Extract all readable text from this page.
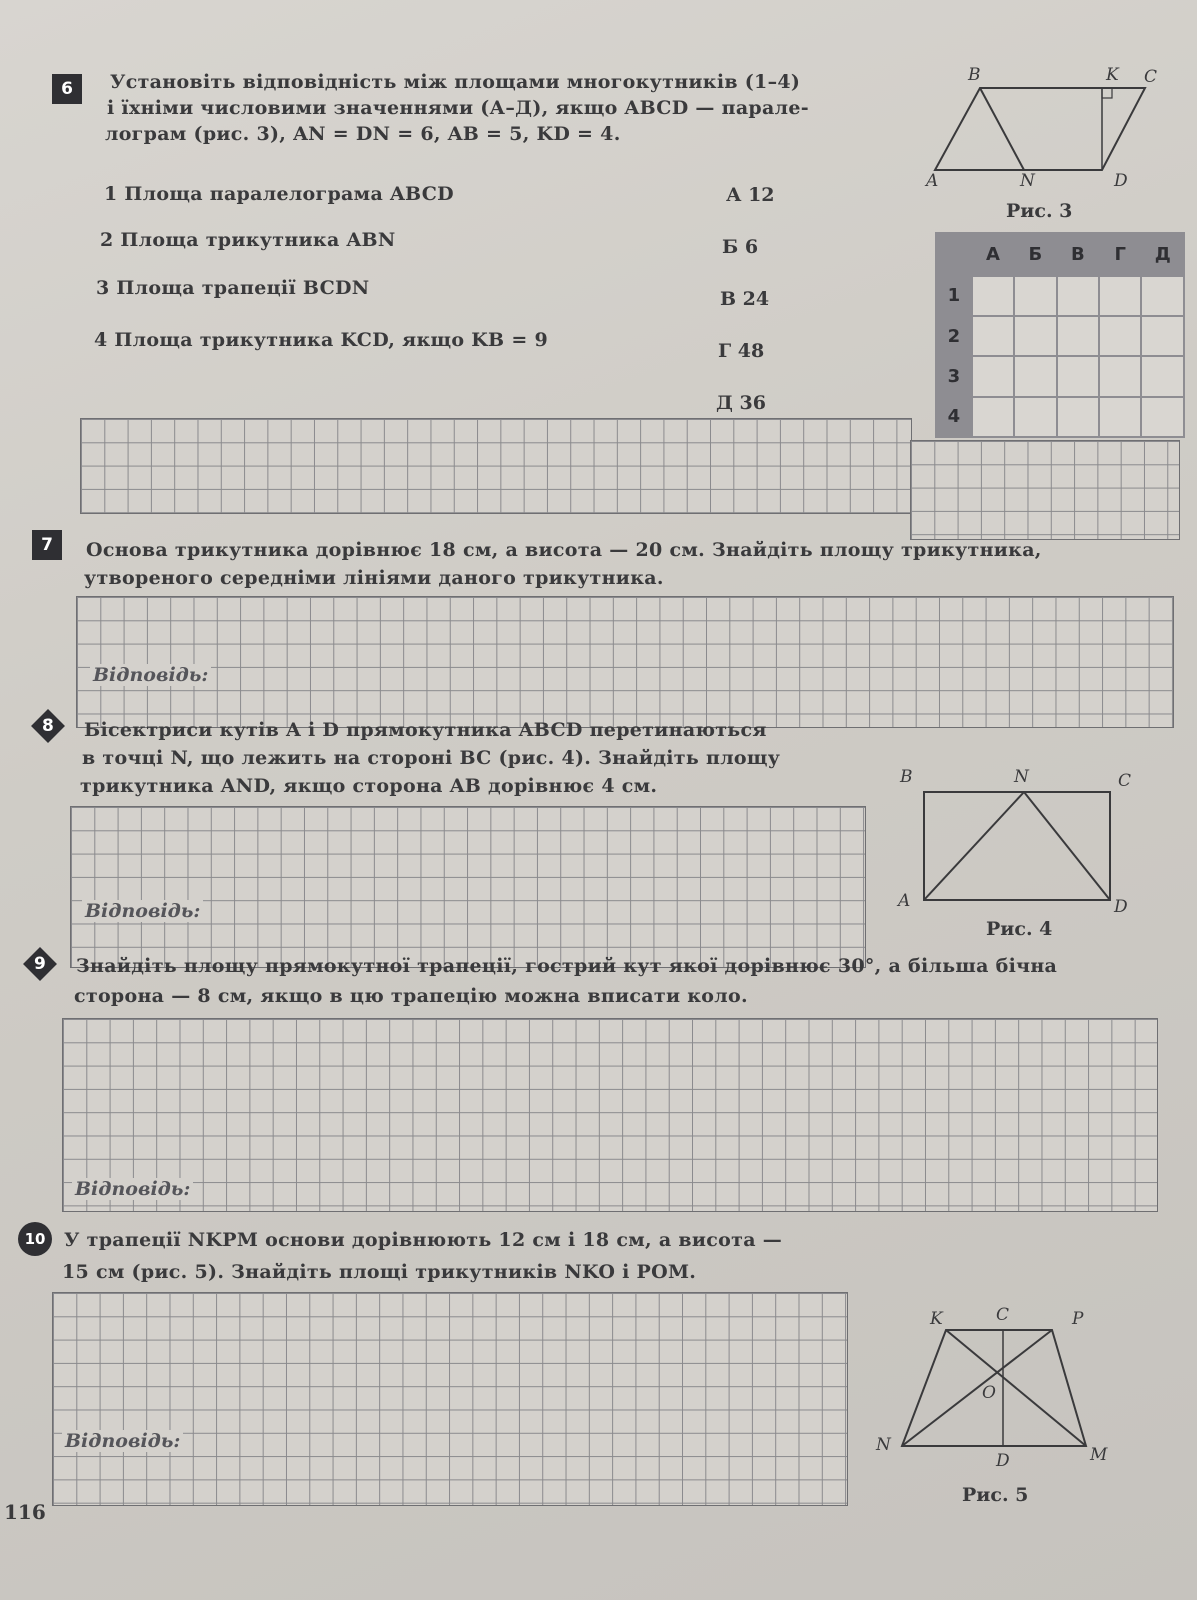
6 Установіть відповідність між площами многокутників (1–4)
і їхніми числовими значеннями (А–Д), якщо ABCD — парале-
лограм (рис. 3), AN = DN = 6, AB = 5, KD = 4.
1 Площа паралелограма ABCD
2 Площа трикутника ABN
3 Площа трапеції BCDN
4 Площа трикутника KCD, якщо KB = 9
А 12
Б 6
В 24
Г 48
Д 36
B	K C
A	N	D
Рис. 3
	А	Б	В	Г	Д
1					
2					
3					
4					
7 Основа трикутника дорівнює 18 см, а висота — 20 см. Знайдіть площу трикутника,
утвореного середніми лініями даного трикутника.
Відповідь:
8 Бісектриси кутів A і D прямокутника ABCD перетинаються
в точці N, що лежить на стороні BC (рис. 4). Знайдіть площу
трикутника AND, якщо сторона AB дорівнює 4 см.
Відповідь:
B	N	C
A	D
Рис. 4
9 Знайдіть площу прямокутної трапеції, гострий кут якої дорівнює 30°, а більша бічна
сторона — 8 см, якщо в цю трапецію можна вписати коло.
Відповідь:
10 У трапеції NKPM основи дорівнюють 12 см і 18 см, а висота —
15 см (рис. 5). Знайдіть площі трикутників NKO і POM.
Відповідь:
K	C	P
O
N
D	M
Рис. 5
116
